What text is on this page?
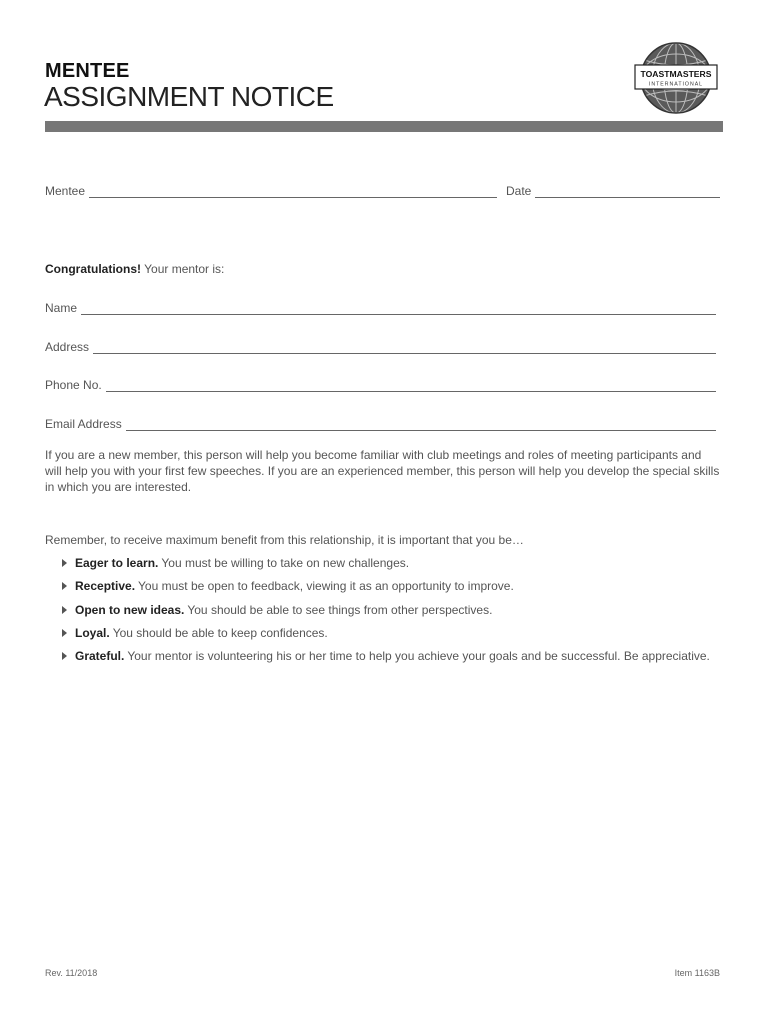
MENTEE
ASSIGNMENT NOTICE
TOASTMASTERS
INTERNATIONAL
Mentee	Date
Congratulations! Your mentor is:
Name
Address
Phone No.
Email Address

If you are a new member, this person will help you become familiar with club meetings and roles of meeting participants and will help you with your first few speeches. If you are an experienced member, this person will help you develop the special skills in which you are interested.

Remember, to receive maximum benefit from this relationship, it is important that you be…
Eager to learn. You must be willing to take on new challenges.
Receptive. You must be open to feedback, viewing it as an opportunity to improve.
Open to new ideas. You should be able to see things from other perspectives.
Loyal. You should be able to keep confidences.
Grateful. Your mentor is volunteering his or her time to help you achieve your goals and be successful. Be appreciative.
Rev. 11/2018	Item 1163B
